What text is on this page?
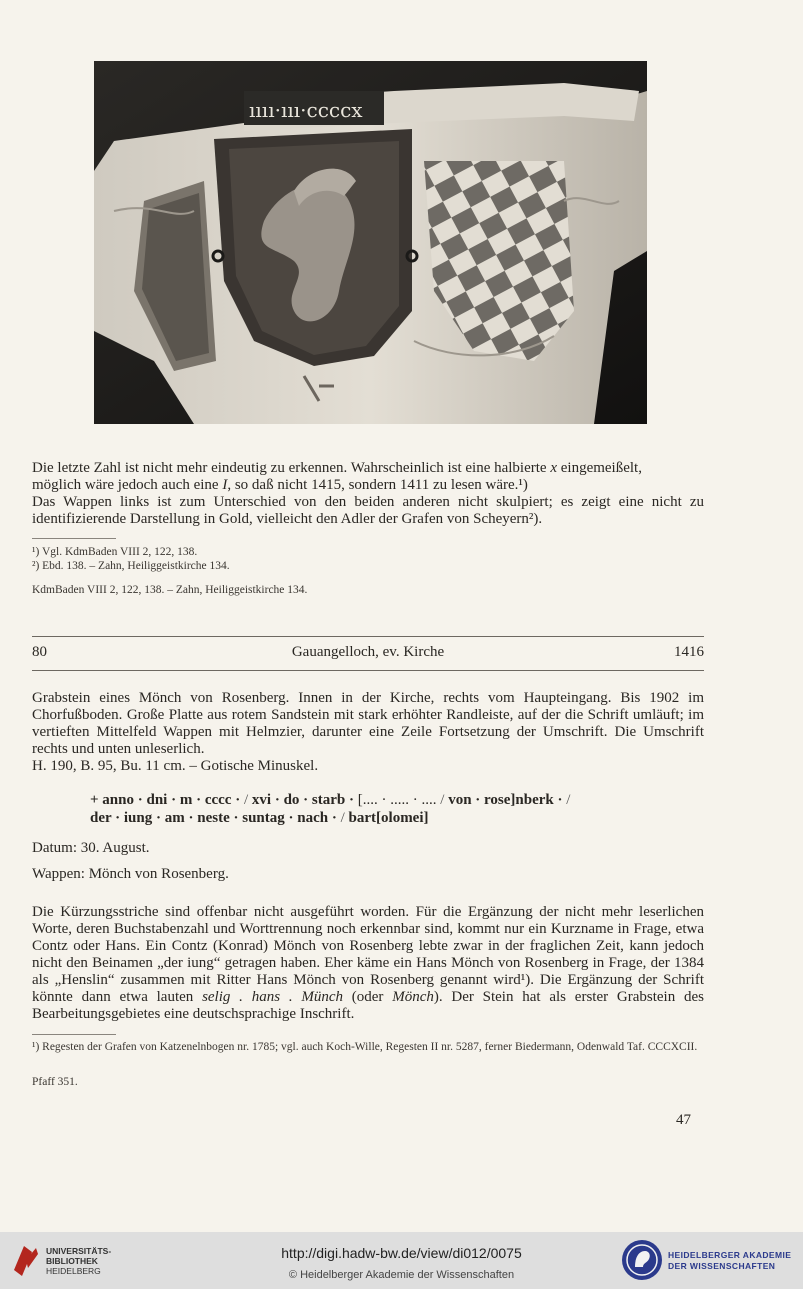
ıııı·ııı·ccccx

Die letzte Zahl ist nicht mehr eindeutig zu erkennen. Wahrscheinlich ist eine halbierte x eingemeißelt,
möglich wäre jedoch auch eine I, so daß nicht 1415, sondern 1411 zu lesen wäre.¹)

Das Wappen links ist zum Unterschied von den beiden anderen nicht skulpiert; es zeigt eine nicht zu identifizierende Darstellung in Gold, vielleicht den Adler der Grafen von Scheyern²).

¹) Vgl. KdmBaden VIII 2, 122, 138.

²) Ebd. 138. – Zahn, Heiliggeistkirche 134.

KdmBaden VIII 2, 122, 138. – Zahn, Heiliggeistkirche 134.
80	Gauangelloch, ev. Kirche	1416

Grabstein eines Mönch von Rosenberg. Innen in der Kirche, rechts vom Haupteingang. Bis 1902 im Chorfußboden. Große Platte aus rotem Sandstein mit stark erhöhter Randleiste, auf der die Schrift umläuft; im vertieften Mittelfeld Wappen mit Helmzier, darunter eine Zeile Fortsetzung der Umschrift. Die Umschrift rechts und unten unleserlich.

H. 190, B. 95, Bu. 11 cm. – Gotische Minuskel.

+ anno · dni · m · cccc · / xvi · do · starb · [.... · ..... · .... / von · rose]nberk · /
der · iung · am · neste · suntag · nach · / bart[olomei]
Datum: 30. August.
Wappen: Mönch von Rosenberg.

Die Kürzungsstriche sind offenbar nicht ausgeführt worden. Für die Ergänzung der nicht mehr leserlichen Worte, deren Buchstabenzahl und Worttrennung noch erkennbar sind, kommt nur ein Kurzname in Frage, etwa Contz oder Hans. Ein Contz (Konrad) Mönch von Rosenberg lebte zwar in der fraglichen Zeit, kann jedoch nicht den Beinamen „der iung“ getragen haben. Eher käme ein Hans Mönch von Rosenberg in Frage, der 1384 als „Henslin“ zusammen mit Ritter Hans Mönch von Rosenberg genannt wird¹). Die Ergänzung der Schrift könnte dann etwa lauten selig . hans . Münch (oder Mönch). Der Stein hat als erster Grabstein des Bearbeitungsgebietes eine deutschsprachige Inschrift.

¹) Regesten der Grafen von Katzenelnbogen nr. 1785; vgl. auch Koch-Wille, Regesten II nr. 5287, ferner Biedermann, Odenwald Taf. CCCXCII.
Pfaff 351.
47
UNIVERSITÄTS-
BIBLIOTHEK
HEIDELBERG
http://digi.hadw-bw.de/view/di012/0075
© Heidelberger Akademie der Wissenschaften
HEIDELBERGER AKADEMIE
DER WISSENSCHAFTEN
